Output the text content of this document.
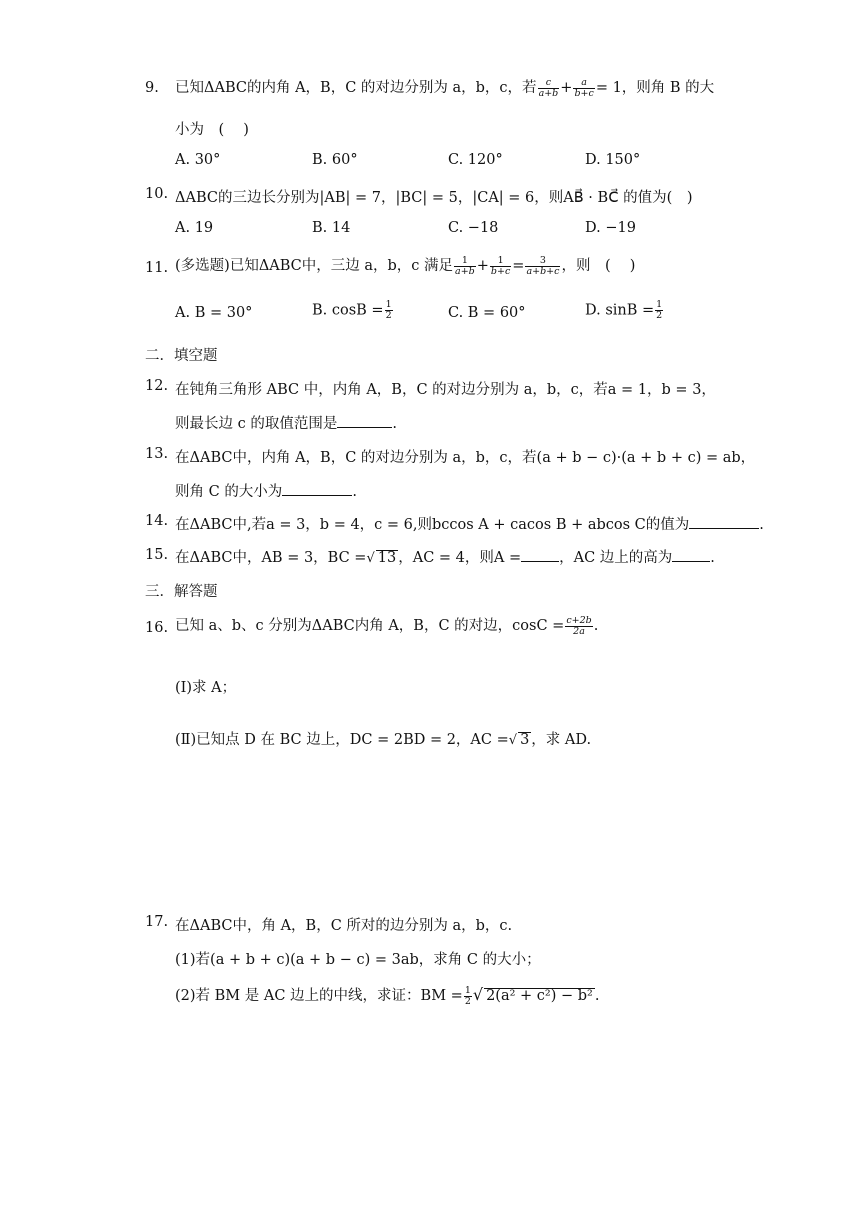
9. 已知ΔABC的内角 A，B，C 的对边分别为 a，b，c，若 $\frac{c}{a+b} + \frac{a}{b+c} = 1$，则角 B 的大
小为　(　 )
A. 30°	B. 60°	C. 120°	D. 150°
10. ΔABC的三边长分别为|AB| = 7，|BC| = 5，|CA| = 6，则AB⃗ · BC⃗ 的值为(　)
A. 19	B. 14	C. −18	D. −19
11. (多选题)已知ΔABC中，三边 a，b，c 满足 $\frac{1}{a+b} + \frac{1}{b+c} = \frac{3}{a+b+c}$ ，则　(　 )
A. B = 30°	B. $\cos B = \frac{1}{2}$	C. B = 60°	D. $\sin B = \frac{1}{2}$
二．填空题
12. 在钝角三角形 ABC 中，内角 A，B，C 的对边分别为 a，b，c，若a = 1，b = 3，
则最长边 c 的取值范围是	.
13. 在ΔABC中，内角 A，B，C 的对边分别为 a，b，c，若(a + b − c)·(a + b + c) = ab，
则角 C 的大小为	.
14. 在ΔABC中,若a = 3，b = 4，c = 6,则bccos A + cacos B + abcos C的值为	.
15. 在ΔABC中，AB = 3，BC =√ 13 ，AC = 4，则A =	，AC 边上的高为	.
三．解答题
16. 已知 a、b、c 分别为ΔABC内角 A，B，C 的对边，$\cos C = \frac{c+2b}{2a}$ .
(Ⅰ)求 A；
(Ⅱ)已知点 D 在 BC 边上，DC = 2BD = 2，AC =√ 3 ，求 AD.
17. 在ΔABC中，角 A，B，C 所对的边分别为 a，b，c.
(1)若(a + b + c)(a + b − c) = 3ab，求角 C 的大小；
(2)若 BM 是 AC 边上的中线，求证：BM = $\frac{1}{2}$ √ 2(a² + c²) − b² .
